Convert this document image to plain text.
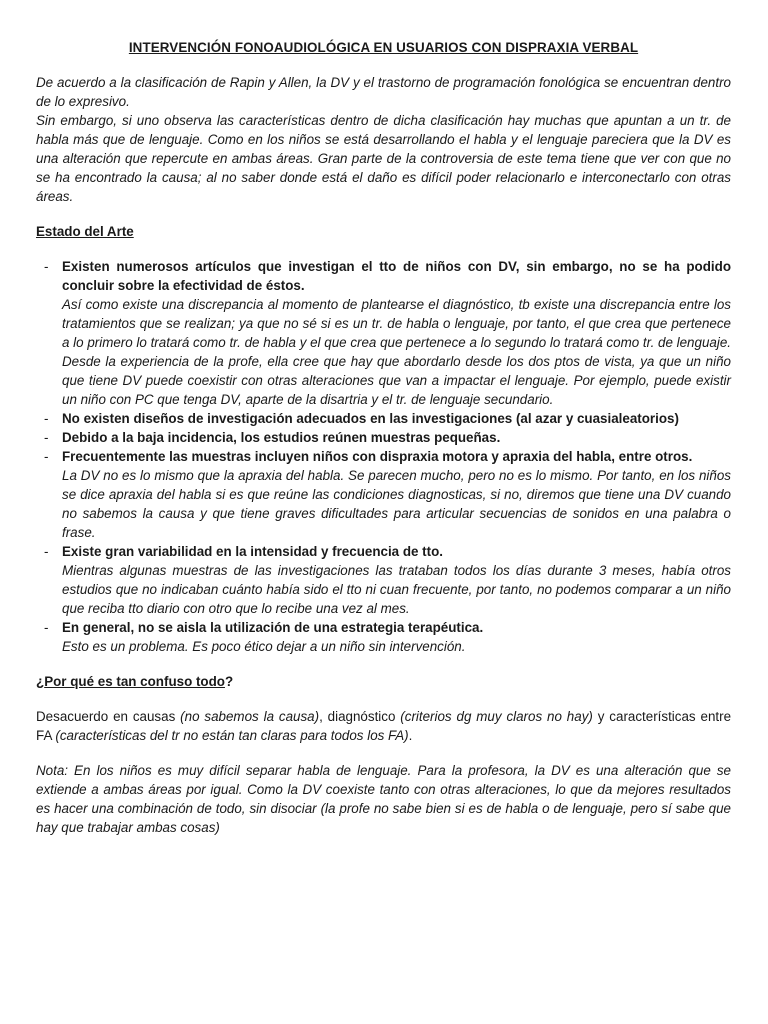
INTERVENCIÓN FONOAUDIOLÓGICA EN USUARIOS CON DISPRAXIA VERBAL

De acuerdo a la clasificación de Rapin y Allen, la DV y el trastorno de programación fonológica se encuentran dentro de lo expresivo.

Sin embargo, si uno observa las características dentro de dicha clasificación hay muchas que apuntan a un tr. de habla más que de lenguaje. Como en los niños se está desarrollando el habla y el lenguaje pareciera que la DV es una alteración que repercute en ambas áreas. Gran parte de la controversia de este tema tiene que ver con que no se ha encontrado la causa; al no saber donde está el daño es difícil poder relacionarlo e interconectarlo con otras áreas.

Estado del Arte
- Existen numerosos artículos que investigan el tto de niños con DV, sin embargo, no se ha podido concluir sobre la efectividad de éstos.

Así como existe una discrepancia al momento de plantearse el diagnóstico, tb existe una discrepancia entre los tratamientos que se realizan; ya que no sé si es un tr. de habla o lenguaje, por tanto, el que crea que pertenece a lo primero lo tratará como tr. de habla y el que crea que pertenece a lo segundo lo tratará como tr. de lenguaje. Desde la experiencia de la profe, ella cree que hay que abordarlo desde los dos ptos de vista, ya que un niño que tiene DV puede coexistir con otras alteraciones que van a impactar el lenguaje. Por ejemplo, puede existir un niño con PC que tenga DV, aparte de la disartria y el tr. de lenguaje secundario.

- No existen diseños de investigación adecuados en las investigaciones (al azar y cuasialeatorios)

- Debido a la baja incidencia, los estudios reúnen muestras pequeñas.

- Frecuentemente las muestras incluyen niños con dispraxia motora y apraxia del habla, entre otros.

La DV no es lo mismo que la apraxia del habla. Se parecen mucho, pero no es lo mismo. Por tanto, en los niños se dice apraxia del habla si es que reúne las condiciones diagnosticas, si no, diremos que tiene una DV cuando no sabemos la causa y que tiene graves dificultades para articular secuencias de sonidos en una palabra o frase.

- Existe gran variabilidad en la intensidad y frecuencia de tto.

Mientras algunas muestras de las investigaciones las trataban todos los días durante 3 meses, había otros estudios que no indicaban cuánto había sido el tto ni cuan frecuente, por tanto, no podemos comparar a un niño que reciba tto diario con otro que lo recibe una vez al mes.

- En general, no se aisla la utilización de una estrategia terapéutica.

Esto es un problema. Es poco ético dejar a un niño sin intervención.

¿Por qué es tan confuso todo?

Desacuerdo en causas (no sabemos la causa), diagnóstico (criterios dg muy claros no hay) y características entre FA (características del tr no están tan claras para todos los FA).

Nota: En los niños es muy difícil separar habla de lenguaje. Para la profesora, la DV es una alteración que se extiende a ambas áreas por igual. Como la DV coexiste tanto con otras alteraciones, lo que da mejores resultados es hacer una combinación de todo, sin disociar (la profe no sabe bien si es de habla o de lenguaje, pero sí sabe que hay que trabajar ambas cosas)
